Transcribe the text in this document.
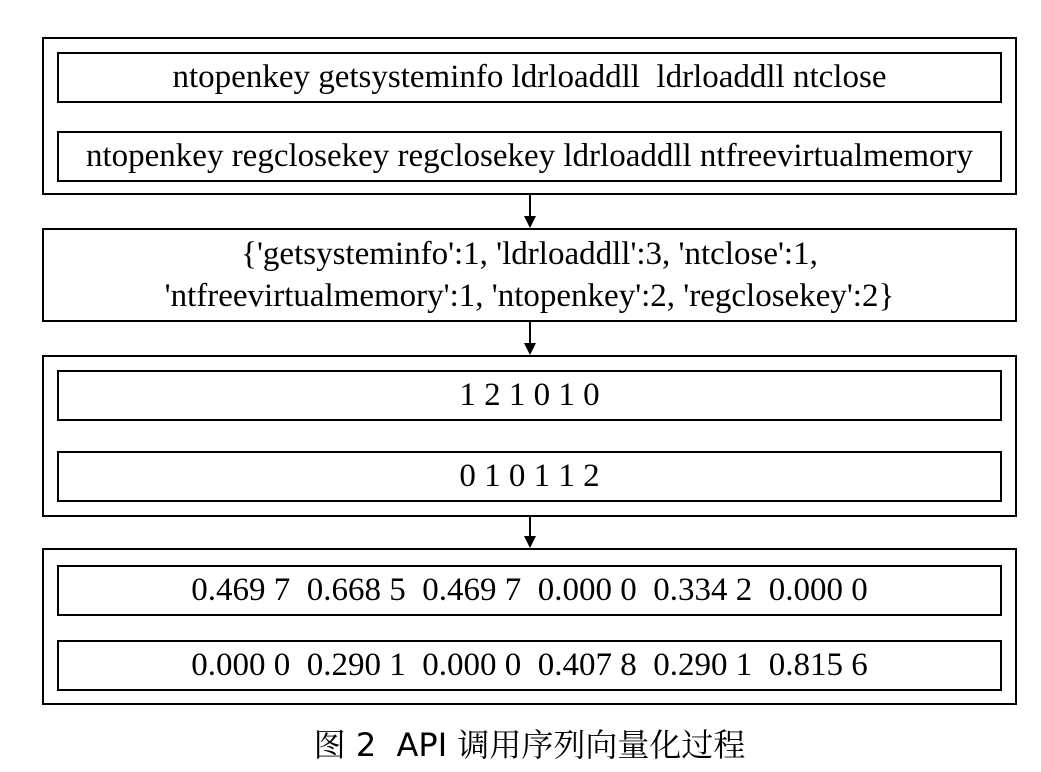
ntopenkey getsysteminfo ldrloaddll  ldrloaddll ntclose
ntopenkey regclosekey regclosekey ldrloaddll ntfreevirtualmemory
{'getsysteminfo':1, 'ldrloaddll':3, 'ntclose':1,
'ntfreevirtualmemory':1, 'ntopenkey':2, 'regclosekey':2}
1 2 1 0 1 0
0 1 0 1 1 2
0.469 7  0.668 5  0.469 7  0.000 0  0.334 2  0.000 0
0.000 0  0.290 1  0.000 0  0.407 8  0.290 1  0.815 6
图 2  API 调用序列向量化过程
